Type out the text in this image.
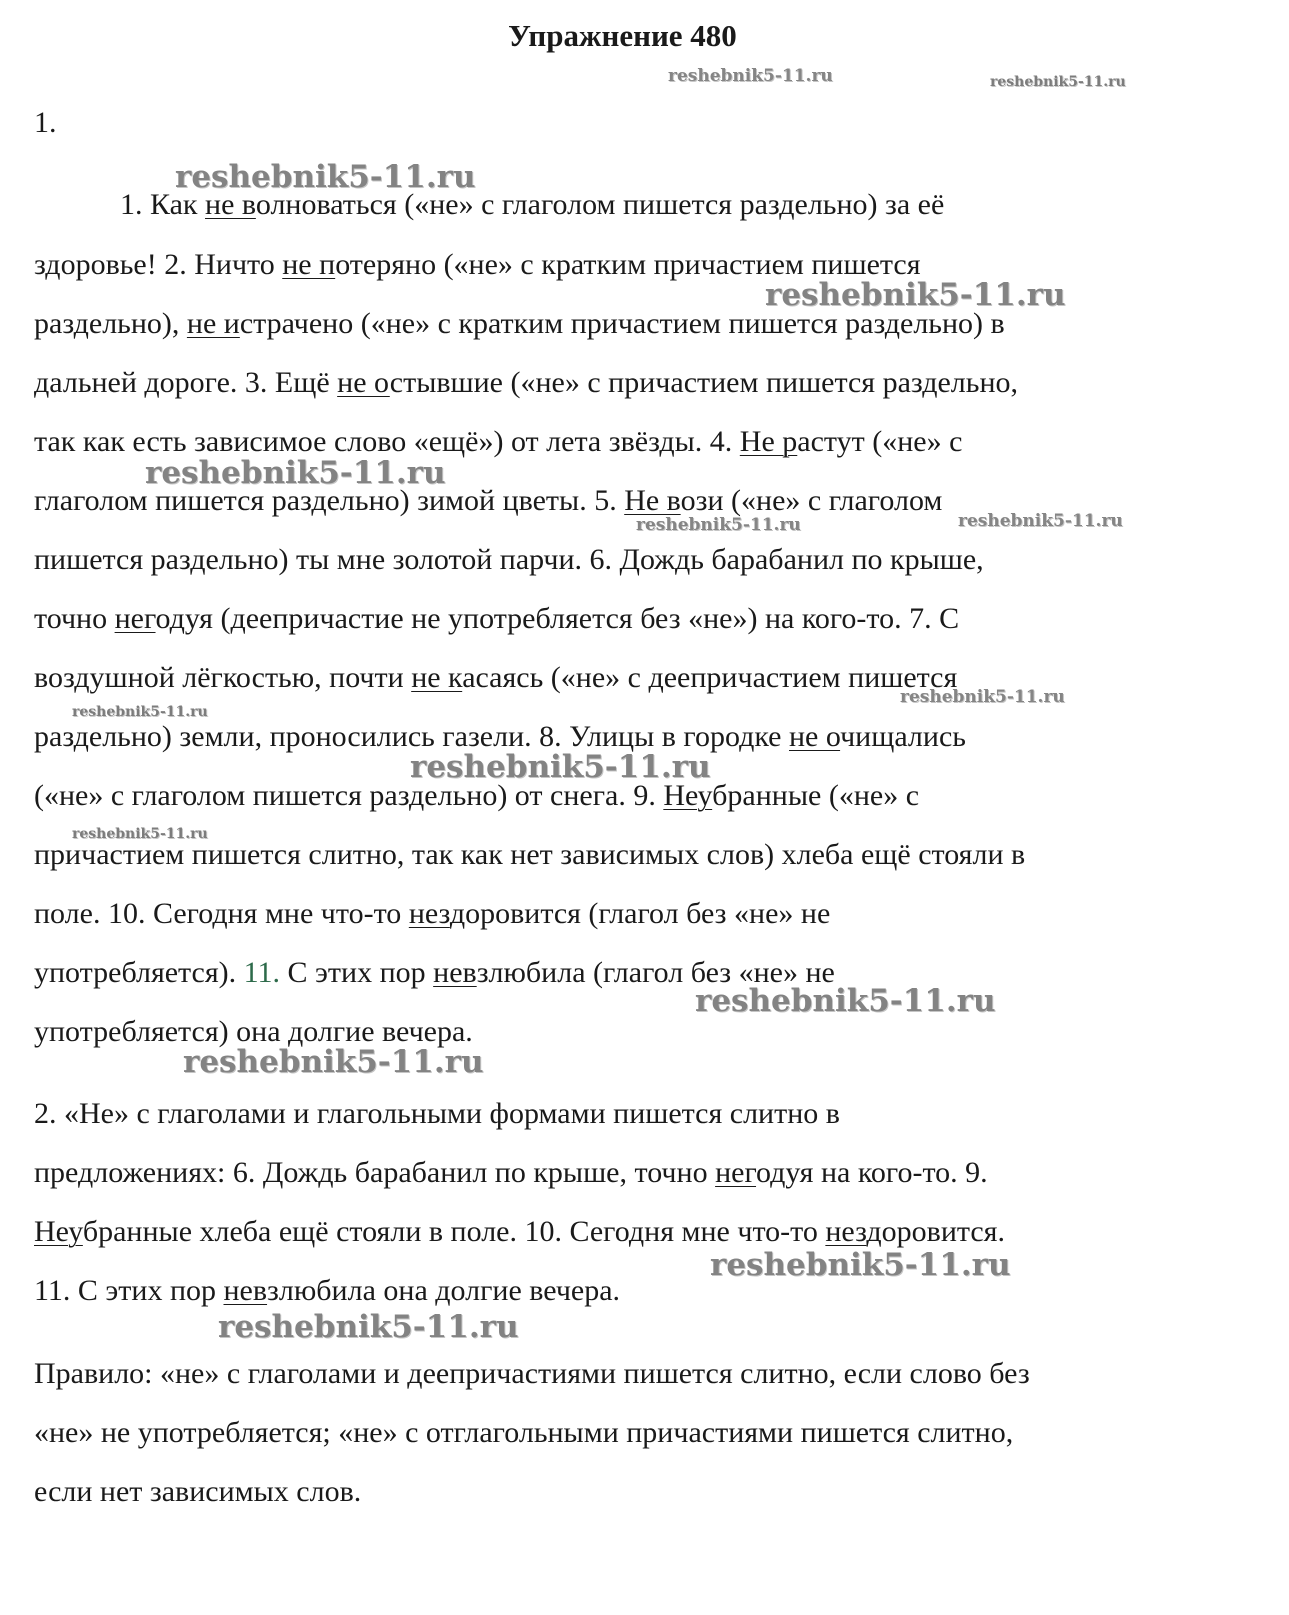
Упражнение 480
1.
1. Как не волноваться («не» с глаголом пишется раздельно) за её
здоровье! 2. Ничто не потеряно («не» с кратким причастием пишется
раздельно), не истрачено («не» с кратким причастием пишется раздельно) в
дальней дороге. 3. Ещё не остывшие («не» с причастием пишется раздельно,
так как есть зависимое слово «ещё») от лета звёзды. 4. Не растут («не» с
глаголом пишется раздельно) зимой цветы. 5. Не вози («не» с глаголом
пишется раздельно) ты мне золотой парчи. 6. Дождь барабанил по крыше,
точно негодуя (деепричастие не употребляется без «не») на кого-то. 7. С
воздушной лёгкостью, почти не касаясь («не» с деепричастием пишется
раздельно) земли, проносились газели. 8. Улицы в городке не очищались
(«не» с глаголом пишется раздельно) от снега. 9. Неубранные («не» с
причастием пишется слитно, так как нет зависимых слов) хлеба ещё стояли в
поле. 10. Сегодня мне что-то нездоровится (глагол без «не» не
употребляется). 11. С этих пор невзлюбила (глагол без «не» не
употребляется) она долгие вечера.
2. «Не» с глаголами и глагольными формами пишется слитно в
предложениях: 6. Дождь барабанил по крыше, точно негодуя на кого-то. 9.
Неубранные хлеба ещё стояли в поле. 10. Сегодня мне что-то нездоровится.
11. С этих пор невзлюбила она долгие вечера.
Правило: «не» с глаголами и деепричастиями пишется слитно, если слово без
«не» не употребляется; «не» с отглагольными причастиями пишется слитно,
если нет зависимых слов.
reshebnik5-11.ru	reshebnik5-11.ru
reshebnik5-11.ru
reshebnik5-11.ru
reshebnik5-11.ru
reshebnik5-11.ru	reshebnik5-11.ru
reshebnik5-11.ru
reshebnik5-11.ru
reshebnik5-11.ru
reshebnik5-11.ru
reshebnik5-11.ru
reshebnik5-11.ru
reshebnik5-11.ru
reshebnik5-11.ru
